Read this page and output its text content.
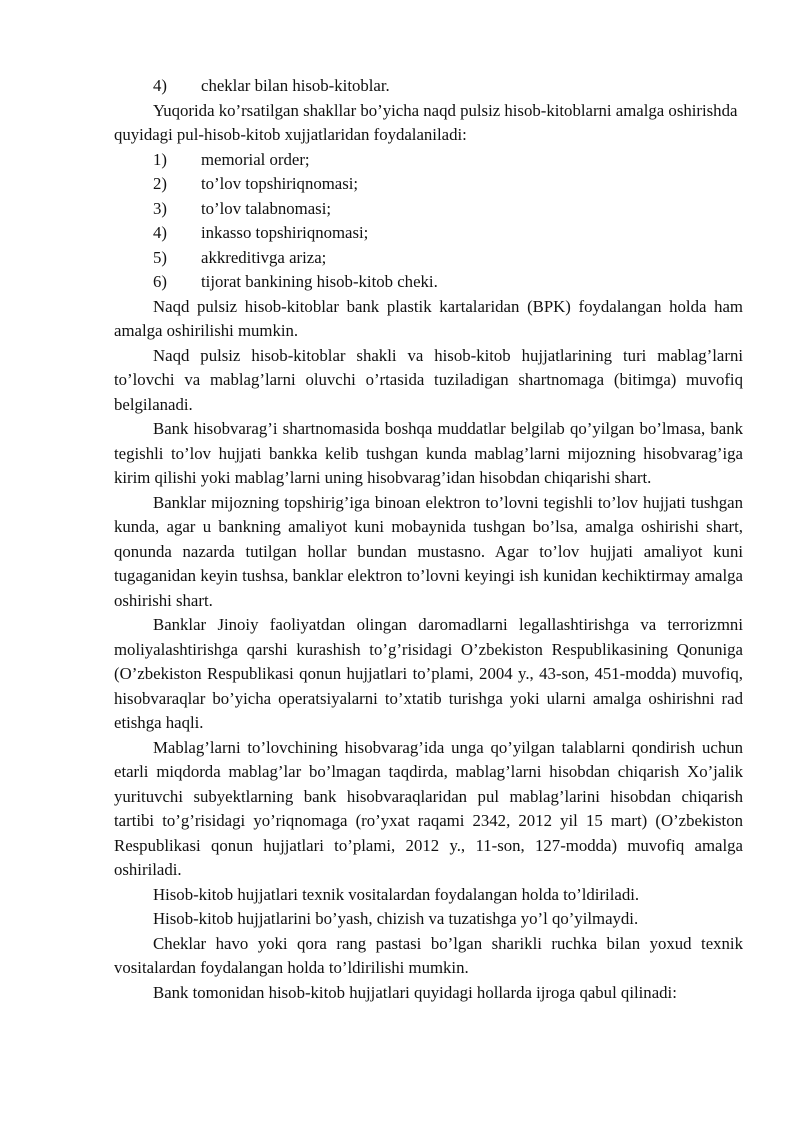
4)	cheklar bilan hisob-kitoblar.

Yuqorida ko’rsatilgan shakllar bo’yicha naqd pulsiz hisob-kitoblarni amalga oshirishda quyidagi pul-hisob-kitob xujjatlaridan foydalaniladi:

1)	memorial order;
2)	to’lov topshiriqnomasi;
3)	to’lov talabnomasi;
4)	inkasso topshiriqnomasi;
5)	akkreditivga ariza;
6)	tijorat bankining hisob-kitob cheki.

Naqd pulsiz hisob-kitoblar bank plastik kartalaridan (BPK) foydalangan holda ham amalga oshirilishi mumkin.

Naqd pulsiz hisob-kitoblar shakli va hisob-kitob hujjatlarining turi mablag’larni to’lovchi va mablag’larni oluvchi o’rtasida tuziladigan shartnomaga (bitimga) muvofiq belgilanadi.

Bank hisobvarag’i shartnomasida boshqa muddatlar belgilab qo’yilgan bo’lmasa, bank tegishli to’lov hujjati bankka kelib tushgan kunda mablag’larni mijozning hisobvarag’iga kirim qilishi yoki mablag’larni uning hisobvarag’idan hisobdan chiqarishi shart.

Banklar mijozning topshirig’iga binoan elektron to’lovni tegishli to’lov hujjati tushgan kunda, agar u bankning amaliyot kuni mobaynida tushgan bo’lsa, amalga oshirishi shart, qonunda nazarda tutilgan hollar bundan mustasno. Agar to’lov hujjati amaliyot kuni tugaganidan keyin tushsa, banklar elektron to’lovni keyingi ish kunidan kechiktirmay amalga oshirishi shart.

Banklar Jinoiy faoliyatdan olingan daromadlarni legallashtirishga va terrorizmni moliyalashtirishga qarshi kurashish to’g’risidagi O’zbekiston Respublikasining Qonuniga (O’zbekiston Respublikasi qonun hujjatlari to’plami, 2004 y., 43-son, 451-modda) muvofiq, hisobvaraqlar bo’yicha operatsiyalarni to’xtatib turishga yoki ularni amalga oshirishni rad etishga haqli.

Mablag’larni to’lovchining hisobvarag’ida unga qo’yilgan talablarni qondirish uchun etarli miqdorda mablag’lar bo’lmagan taqdirda, mablag’larni hisobdan chiqarish Xo’jalik yurituvchi subyektlarning bank hisobvaraqlaridan pul mablag’larini hisobdan chiqarish tartibi to’g’risidagi yo’riqnomaga (ro’yxat raqami 2342, 2012 yil 15 mart) (O’zbekiston Respublikasi qonun hujjatlari to’plami, 2012 y., 11-son, 127-modda) muvofiq amalga oshiriladi.

Hisob-kitob hujjatlari texnik vositalardan foydalangan holda to’ldiriladi.

Hisob-kitob hujjatlarini bo’yash, chizish va tuzatishga yo’l qo’yilmaydi.

Cheklar havo yoki qora rang pastasi bo’lgan sharikli ruchka bilan yoxud texnik vositalardan foydalangan holda to’ldirilishi mumkin.

Bank tomonidan hisob-kitob hujjatlari quyidagi hollarda ijroga qabul qilinadi:
